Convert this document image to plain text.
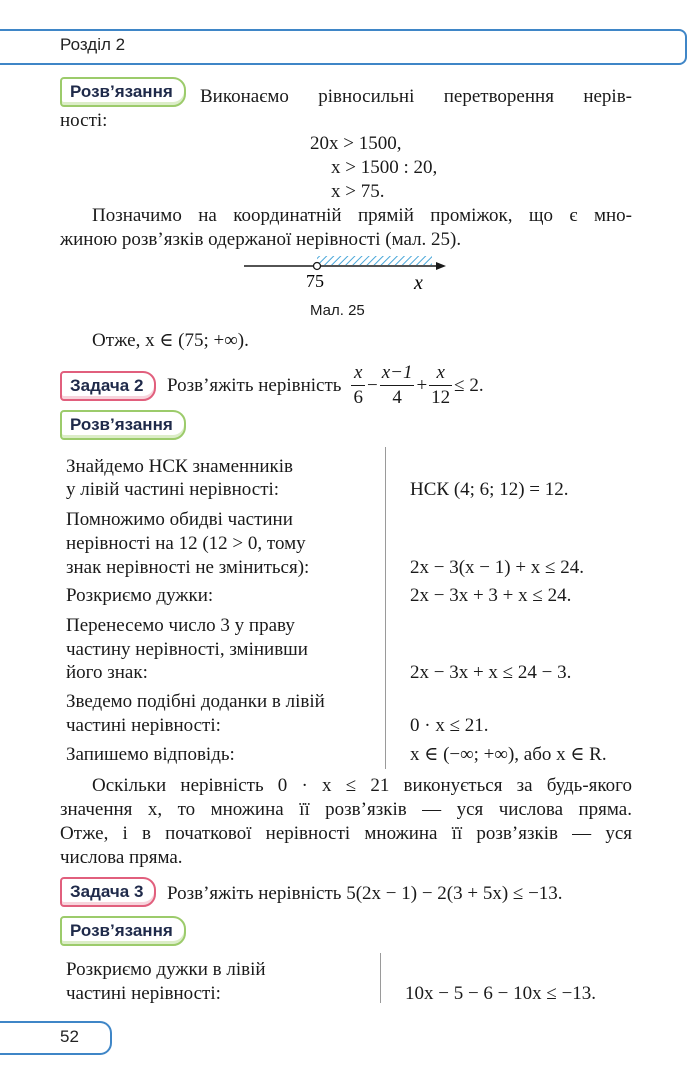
Розділ 2
Розв’язання	Виконаємо рівносильні перетворення нерів-
ності:
20x > 1500,
x > 1500 : 20,
x > 75.
Позначимо на координатній прямій проміжок, що є мно-
жиною розв’язків одержаної нерівності (мал. 25).
75	x
Мал. 25
Отже, x ∈ (75; +∞).
Задача 2	Розв’яжіть нерівність $\frac{x}{6} - \frac{x-1}{4} + \frac{x}{12} \le 2$.
Розв’язання
Знайдемо НСК знаменників
у лівій частині нерівності:	НСК (4; 6; 12) = 12.
Помножимо обидві частини
нерівності на 12 (12 > 0, тому
знак нерівності не зміниться):	2x − 3(x − 1) + x ≤ 24.
Розкриємо дужки:	2x − 3x + 3 + x ≤ 24.
Перенесемо число 3 у праву
частину нерівності, змінивши
його знак:	2x − 3x + x ≤ 24 − 3.
Зведемо подібні доданки в лівій
частині нерівності:	0 · x ≤ 21.
Запишемо відповідь:	x ∈ (−∞; +∞), або x ∈ R.
Оскільки нерівність 0 · x ≤ 21 виконується за будь-якого
значення x, то множина її розв’язків — уся числова пряма.
Отже, і в початкової нерівності множина її розв’язків — уся
числова пряма.
Задача 3	Розв’яжіть нерівність 5(2x − 1) − 2(3 + 5x) ≤ −13.
Розв’язання
Розкриємо дужки в лівій
частині нерівності:	10x − 5 − 6 − 10x ≤ −13.
52
